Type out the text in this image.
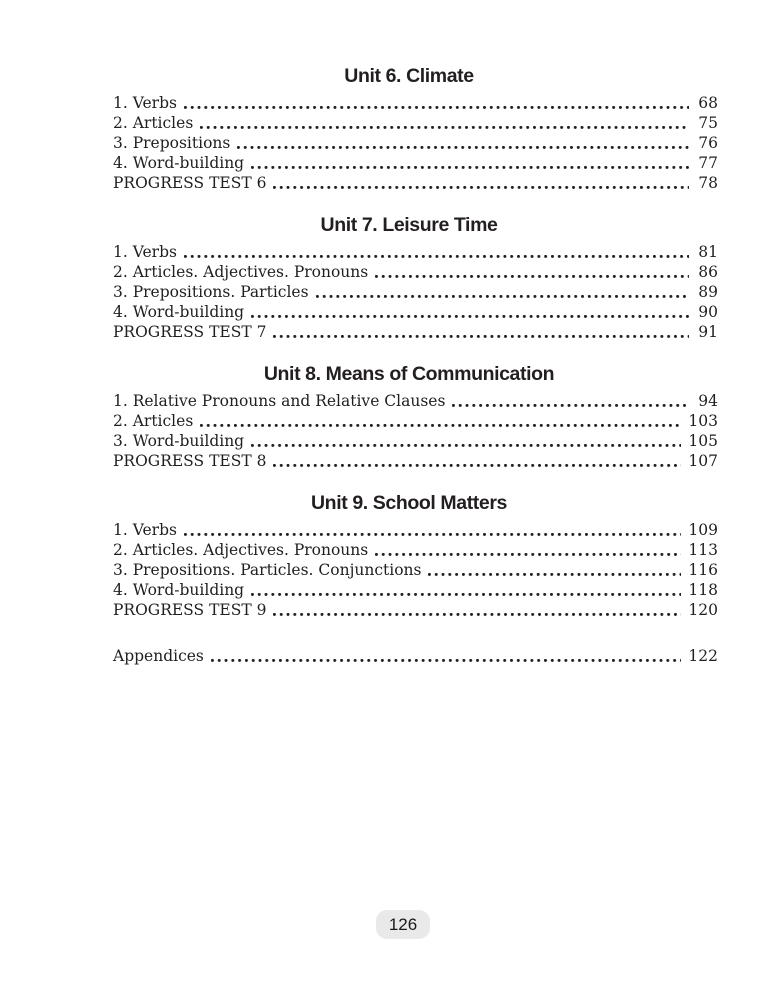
Unit 6. Climate
1. Verbs	68
2. Articles	75
3. Prepositions	76
4. Word-building	77
PROGRESS TEST 6	78
Unit 7. Leisure Time
1. Verbs	81
2. Articles. Adjectives. Pronouns	86
3. Prepositions. Particles	89
4. Word-building	90
PROGRESS TEST 7	91
Unit 8. Means of Communication
1. Relative Pronouns and Relative Clauses	94
2. Articles	103
3. Word-building	105
PROGRESS TEST 8	107
Unit 9. School Matters
1. Verbs	109
2. Articles. Adjectives. Pronouns	113
3. Prepositions. Particles. Conjunctions	116
4. Word-building	118
PROGRESS TEST 9	120
Appendices	122
126
